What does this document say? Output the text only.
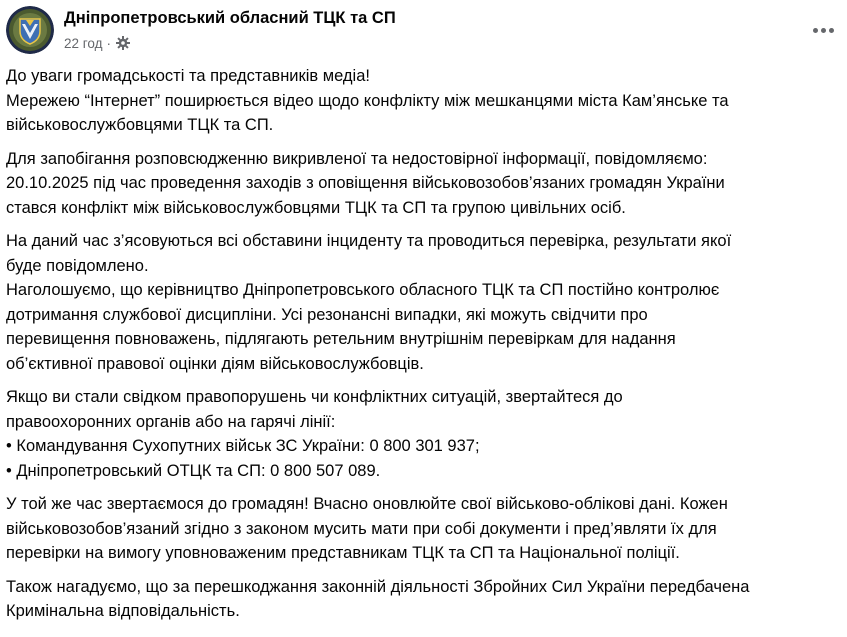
Дніпропетровський обласний ТЦК та СП
22 год ·
До уваги громадськості та представників медіа!
Мережею “Інтернет” поширюється відео щодо конфлікту між мешканцями міста Кам’янське та
військовослужбовцями ТЦК та СП.
Для запобігання розповсюдженню викривленої та недостовірної інформації, повідомляємо:
20.10.2025 під час проведення заходів з оповіщення військовозобов’язаних громадян України
стався конфлікт між військовослужбовцями ТЦК та СП та групою цивільних осіб.
На даний час з’ясовуються всі обставини інциденту та проводиться перевірка, результати якої
буде повідомлено.
Наголошуємо, що керівництво Дніпропетровського обласного ТЦК та СП постійно контролює
дотримання службової дисципліни. Усі резонансні випадки, які можуть свідчити про
перевищення повноважень, підлягають ретельним внутрішнім перевіркам для надання
об’єктивної правової оцінки діям військовослужбовців.
Якщо ви стали свідком правопорушень чи конфліктних ситуацій, звертайтеся до
правоохоронних органів або на гарячі лінії:
• Командування Сухопутних військ ЗС України: 0 800 301 937;
• Дніпропетровський ОТЦК та СП: 0 800 507 089.
У той же час звертаємося до громадян! Вчасно оновлюйте свої військово-облікові дані. Кожен
військовозобов’язаний згідно з законом мусить мати при собі документи і пред’являти їх для
перевірки на вимогу уповноваженим представникам ТЦК та СП та Національної поліції.
Також нагадуємо, що за перешкоджання законній діяльності Збройних Сил України передбачена
Кримінальна відповідальність.
